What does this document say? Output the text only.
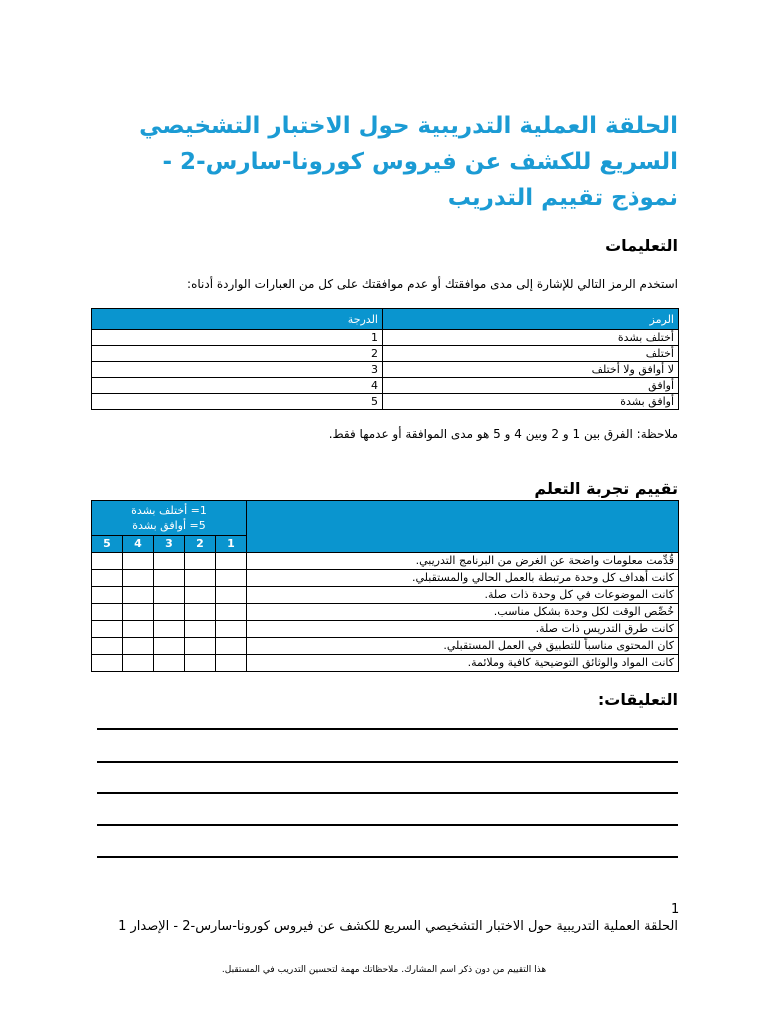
الحلقة العملية التدريبية حول الاختبار التشخيصي السريع للكشف عن فيروس كورونا-سارس-2 - نموذج تقييم التدريب
التعليمات

استخدم الرمز التالي للإشارة إلى مدى موافقتك أو عدم موافقتك على كل من العبارات الواردة أدناه:

الرمز	الدرجة
أختلف بشدة	1
أختلف	2
لا أوافق ولا أختلف	3
أوافق	4
أوافق بشدة	5

ملاحظة: الفرق بين 1 و 2 وبين 4 و 5 هو مدى الموافقة أو عدمها فقط.

تقييم تجربة التعلم

	1= أختلف بشدة
5= أوافق بشدة				

	1	2	3	4	5
قُدِّمت معلومات واضحة عن الغرض من البرنامج التدريبي.					
كانت أهداف كل وحدة مرتبطة بالعمل الحالي والمستقبلي.					
كانت الموضوعات في كل وحدة ذات صلة.					
خُصِّص الوقت لكل وحدة بشكل مناسب.					
كانت طرق التدريس ذات صلة.					
كان المحتوى مناسباً للتطبيق في العمل المستقبلي.					
كانت المواد والوثائق التوضيحية كافية وملائمة.					
التعليقات:
1

الحلقة العملية التدريبية حول الاختبار التشخيصي السريع للكشف عن فيروس كورونا-سارس-2 - الإصدار 1

هذا التقييم من دون ذكر اسم المشارك. ملاحظاتك مهمة لتحسين التدريب في المستقبل.
